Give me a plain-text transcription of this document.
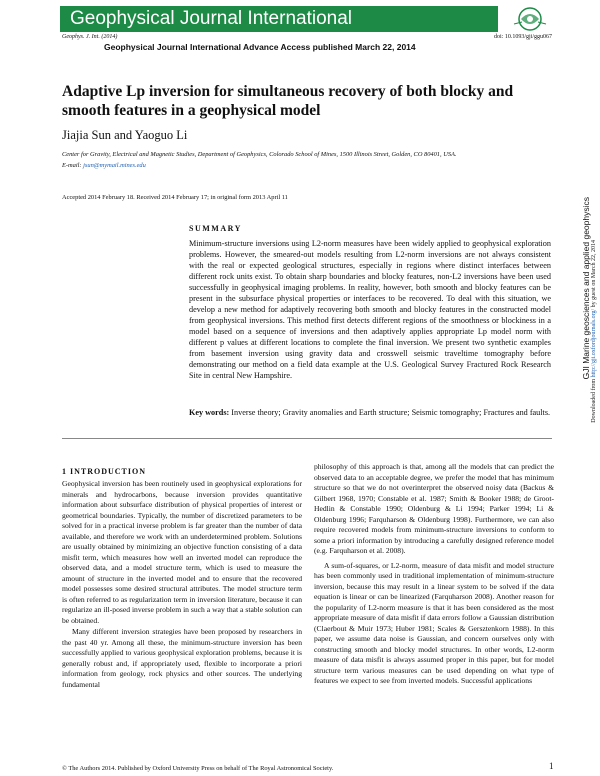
Geophysical Journal International
Geophys. J. Int. (2014)	doi: 10.1093/gji/ggu067
Geophysical Journal International Advance Access published March 22, 2014
Adaptive Lp inversion for simultaneous recovery of both blocky and smooth features in a geophysical model
Jiajia Sun and Yaoguo Li
Center for Gravity, Electrical and Magnetic Studies, Department of Geophysics, Colorado School of Mines, 1500 Illinois Street, Golden, CO 80401, USA.
E-mail: jsun@mymail.mines.edu
Accepted 2014 February 18. Received 2014 February 17; in original form 2013 April 11
SUMMARY
Minimum-structure inversions using L2-norm measures have been widely applied to geophysical exploration problems. However, the smeared-out models resulting from L2-norm inversions are not always consistent with the real or expected geological structures, especially in regions where distinct interfaces between different rock units exist. To obtain sharp boundaries and blocky features, non-L2 inversions have been used successfully in geophysical imaging problems. In reality, however, both smooth and blocky features can be present in the subsurface physical properties or interfaces to be recovered. To deal with this situation, we develop a new method for adaptively recovering both smooth and blocky features in the constructed model from geophysical inversions. This method first detects different regions of the smoothness or blockiness in a model based on a sequence of inversions and then adaptively applies appropriate Lp model norm with different p values at different locations to complete the final inversion. We present two synthetic examples from basement inversion using gravity data and crosswell seismic traveltime tomography before demonstrating our method on a field data example at the U.S. Geological Survey Fractured Rock Research Site in central New Hampshire.
Key words: Inverse theory; Gravity anomalies and Earth structure; Seismic tomography; Fractures and faults.
1 INTRODUCTION

Geophysical inversion has been routinely used in geophysical explorations for minerals and hydrocarbons, because inversion provides quantitative information about subsurface distribution of physical properties of interest or geometrical boundaries. Typically, the number of discretized parameters to be solved for in a practical inverse problem is far greater than the number of data available, and therefore we work with an underdetermined problem. Solutions are usually obtained by minimizing an objective function consisting of a data misfit term, which measures how well an inverted model can reproduce the observed data, and a model structure term, which is used to measure the amount of structure in the inverted model and to ensure that the recovered model possesses some desired structural attributes. The model structure term is often referred to as regularization term in inversion literature, because it can regularize an ill-posed inverse problem in such a way that a stable solution can be obtained.

Many different inversion strategies have been proposed by researchers in the past 40 yr. Among all these, the minimum-structure inversion has been successfully applied to various geophysical exploration problems, because it is generally robust and, if appropriately used, flexible to incorporate a priori information from geology, rock physics and other sources. The underlying fundamental

philosophy of this approach is that, among all the models that can predict the observed data to an acceptable degree, we prefer the model that has minimum structure so that we do not overinterpret the observed noisy data (Backus & Gilbert 1968, 1970; Constable et al. 1987; Smith & Booker 1988; de Groot-Hedlin & Constable 1990; Oldenburg & Li 1994; Parker 1994; Li & Oldenburg 1996; Farquharson & Oldenburg 1998). Furthermore, we can also require recovered models from minimum-structure inversions to conform to some a priori information by introducing a carefully designed reference model (e.g. Farquharson et al. 2008).

A sum-of-squares, or L2-norm, measure of data misfit and model structure has been commonly used in traditional implementation of minimum-structure inversion, because this may result in a linear system to be solved if the data equation is linear or can be linearized (Farquharson 2008). Another reason for the popularity of L2-norm measure is that it has been considered as the most appropriate measure of data misfit if data errors follow a Gaussian distribution (Claerbout & Muir 1973; Huber 1981; Scales & Gersztenkorn 1988). In this paper, we assume data noise is Gaussian, and concern ourselves only with constructing smooth and blocky model structures. In other words, L2-norm measure of data misfit is always assumed proper in this paper, but for model structure term various measures can be used depending on what type of features we expect to see from inverted models. Successful applications

© The Authors 2014. Published by Oxford University Press on behalf of The Royal Astronomical Society.	1
GJI Marine geosciences and applied geophysics
Downloaded from http://gji.oxfordjournals.org/ by guest on March 22, 2014
